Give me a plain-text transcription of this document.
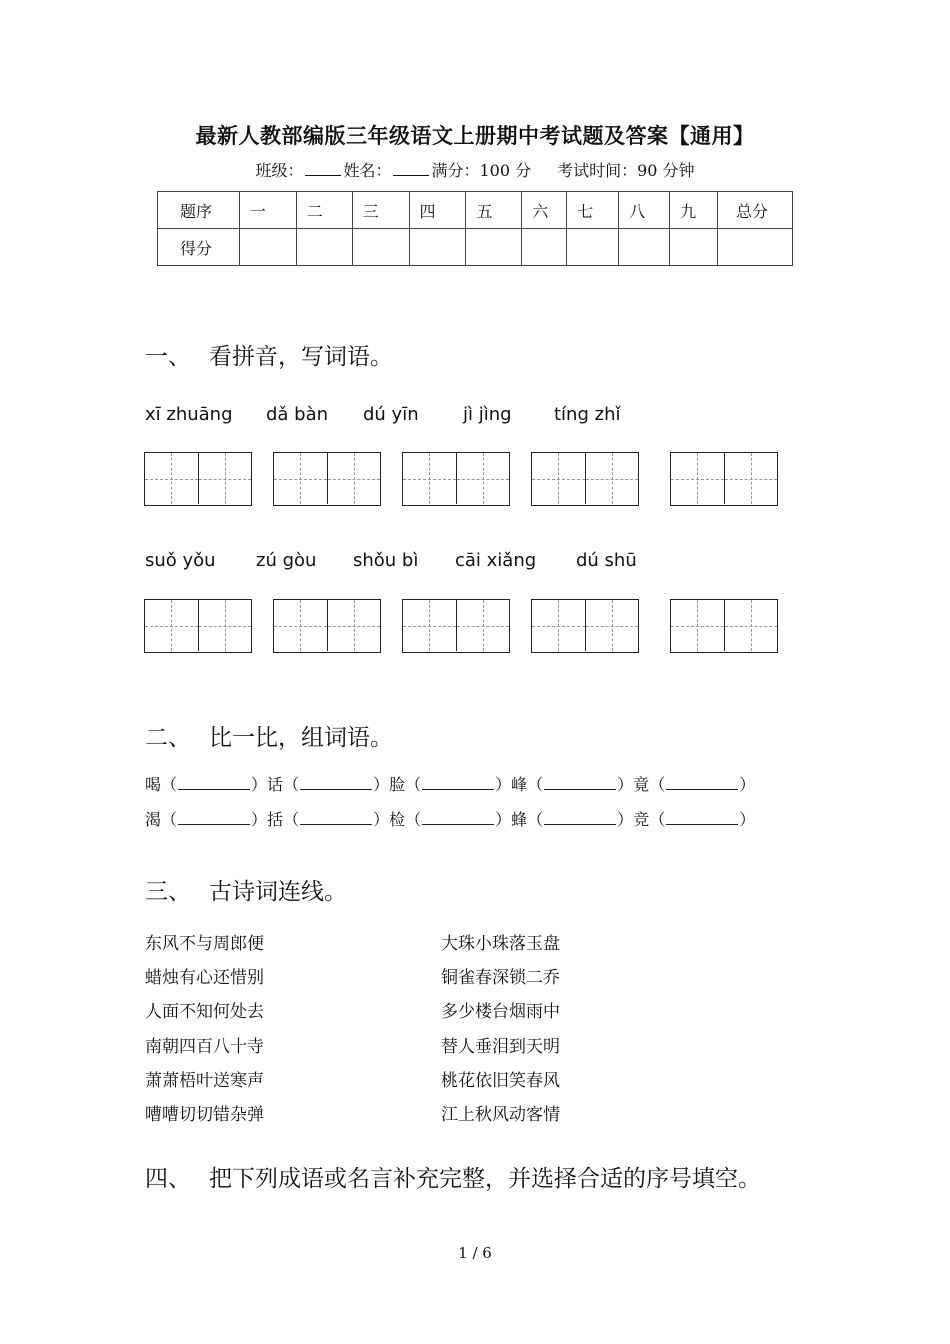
最新人教部编版三年级语文上册期中考试题及答案【通用】
班级：	姓名：	满分：100 分 考试时间：90 分钟
题序	一	二	三	四	五	六	七	八	九	总分
得分										
一、 看拼音，写词语。
xī zhuāng dǎ bàn dú yīn jì jìng tíng zhǐ
suǒ yǒu zú gòu shǒu bì cāi xiǎng dú shū
二、 比一比，组词语。
喝（	）话（	）脸（	）峰（	）竟（	）
渴（	）括（	）检（	）蜂（	）竞（	）
三、 古诗词连线。
东风不与周郎便
蜡烛有心还惜别
人面不知何处去
南朝四百八十寺
萧萧梧叶送寒声
嘈嘈切切错杂弹
大珠小珠落玉盘
铜雀春深锁二乔
多少楼台烟雨中
替人垂泪到天明
桃花依旧笑春风
江上秋风动客情
四、 把下列成语或名言补充完整，并选择合适的序号填空。
1 / 6
